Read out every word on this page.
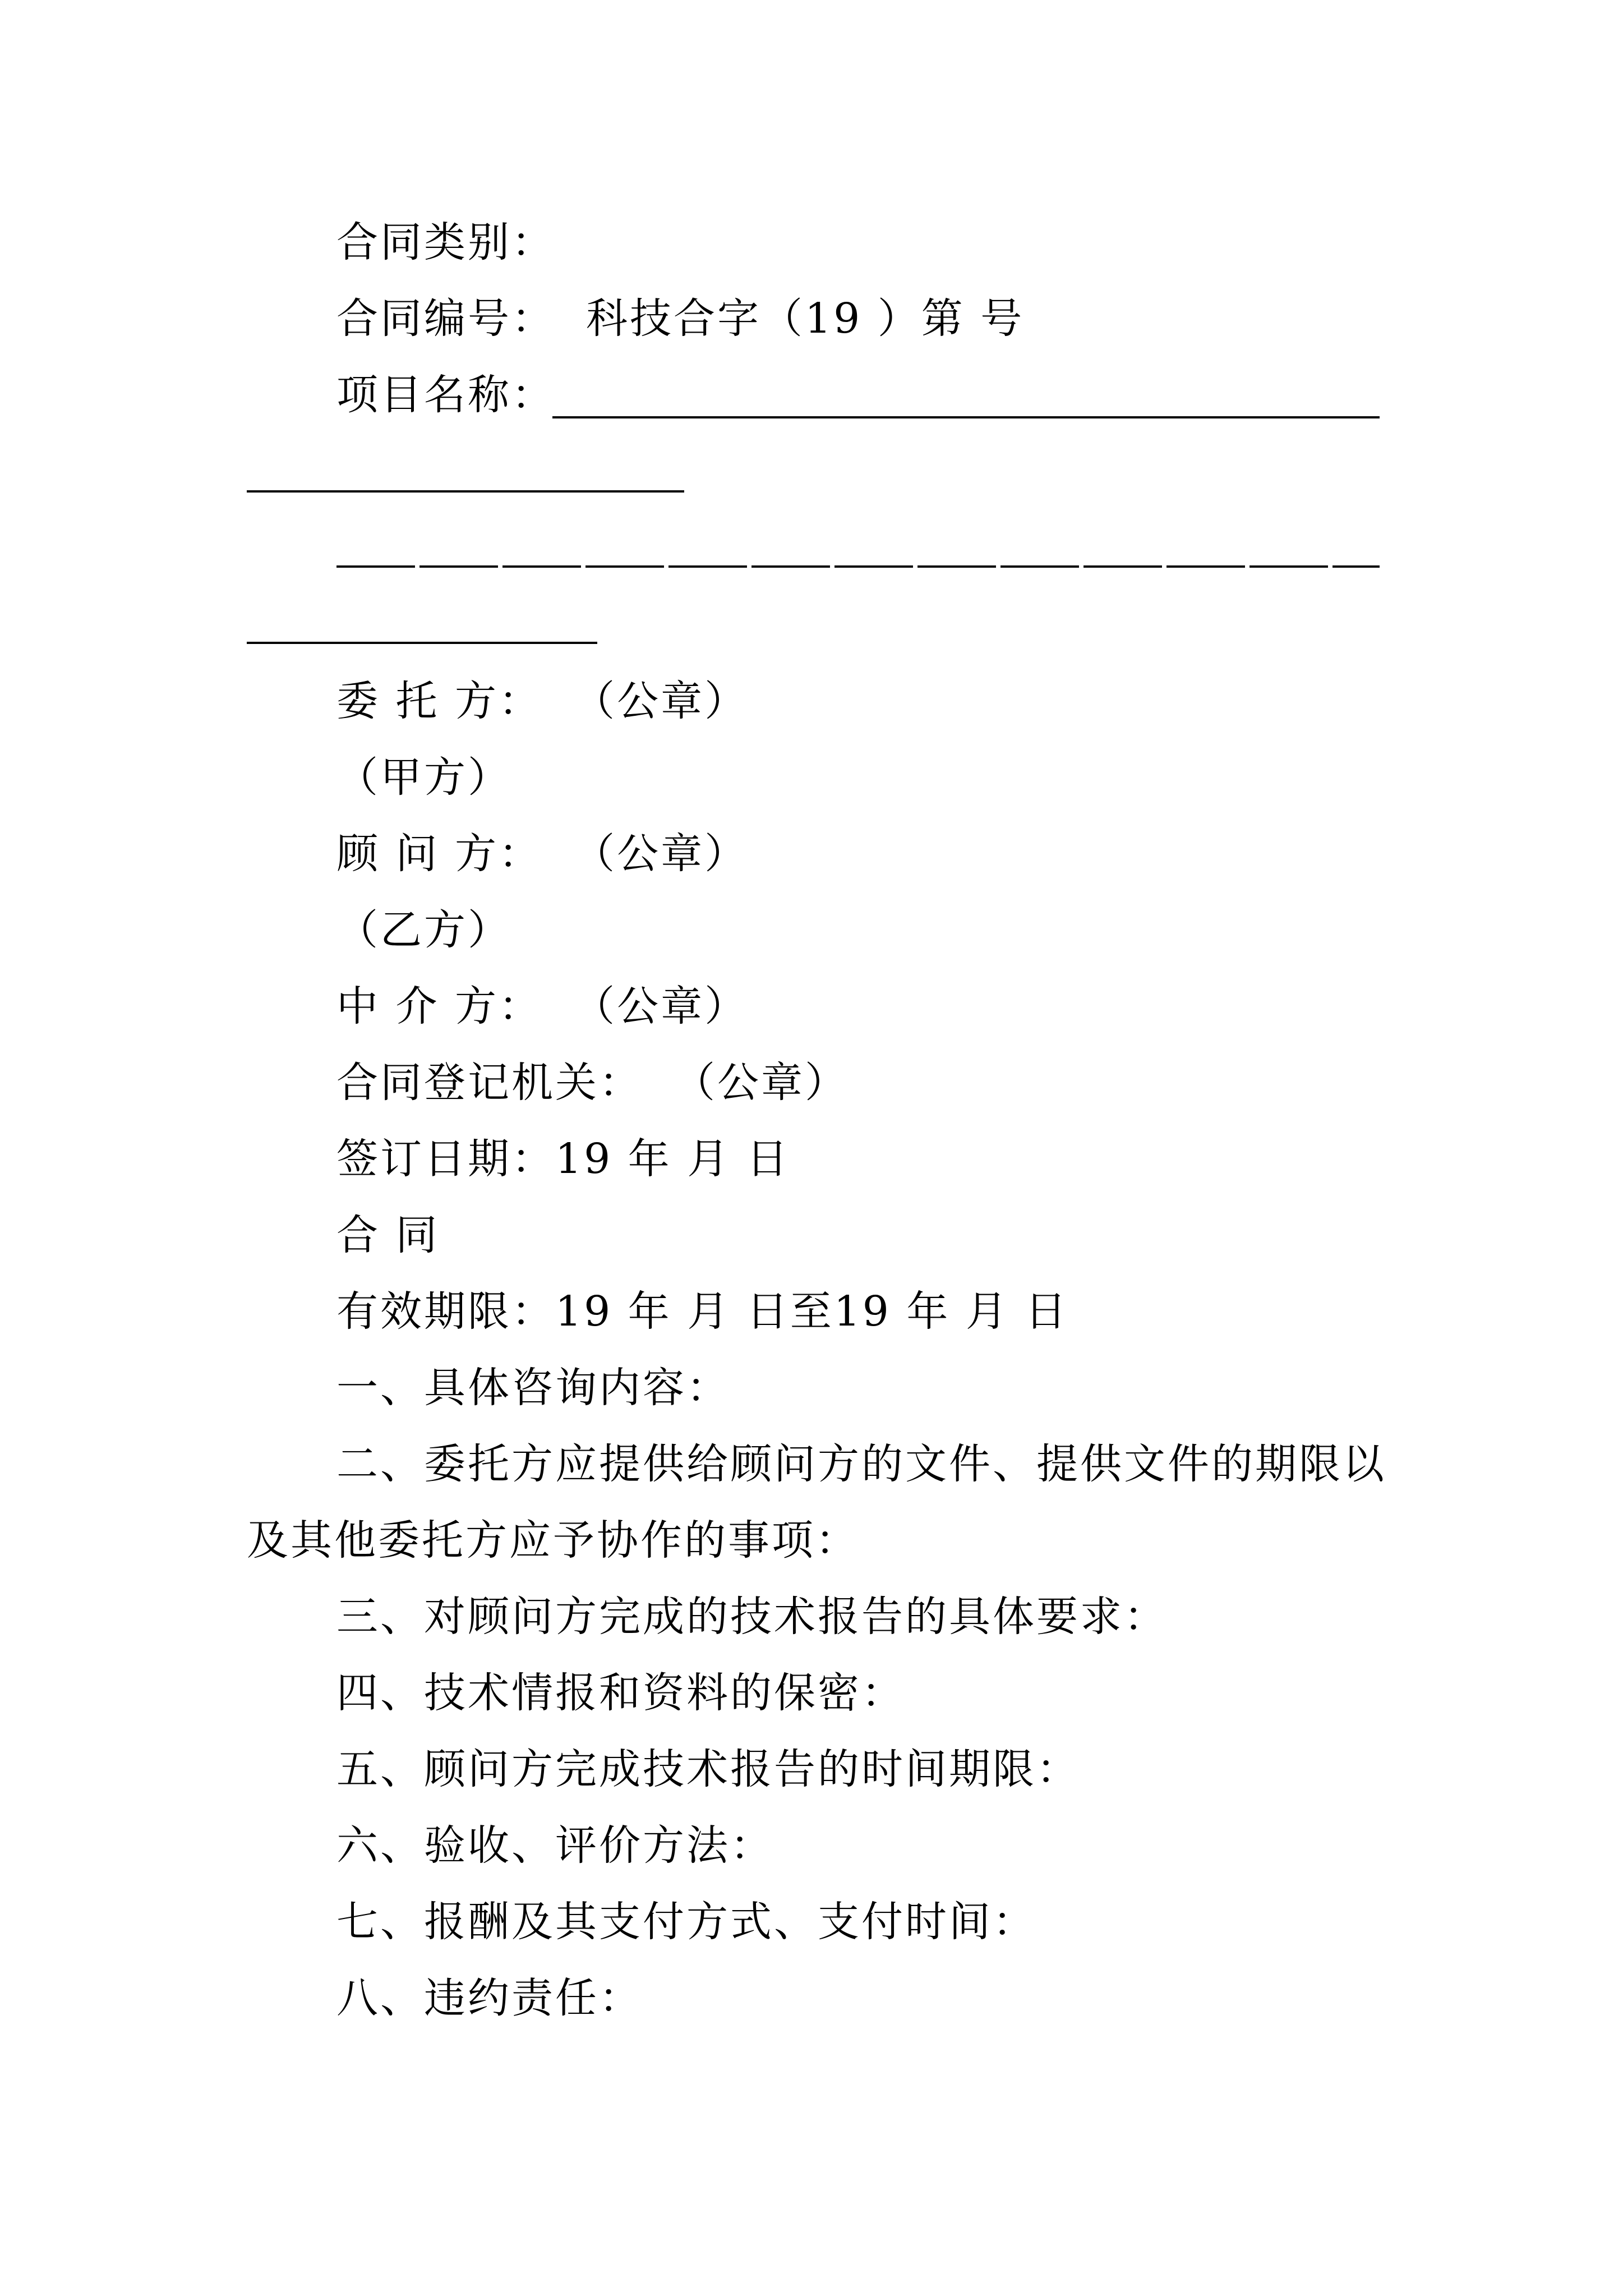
合同类别：
合同编号：  科技合字（19 ）第 号
项目名称：
委 托 方：  （公章）
（甲方）
顾 问 方：  （公章）
（乙方）
中 介 方：  （公章）
合同登记机关：  （公章）
签订日期：19 年 月 日
合 同
有效期限：19 年 月 日至19 年 月 日
一、具体咨询内容：
二、委托方应提供给顾问方的文件、提供文件的期限以
及其他委托方应予协作的事项：
三、对顾问方完成的技术报告的具体要求：
四、技术情报和资料的保密：
五、顾问方完成技术报告的时间期限：
六、验收、评价方法：
七、报酬及其支付方式、支付时间：
八、违约责任：
